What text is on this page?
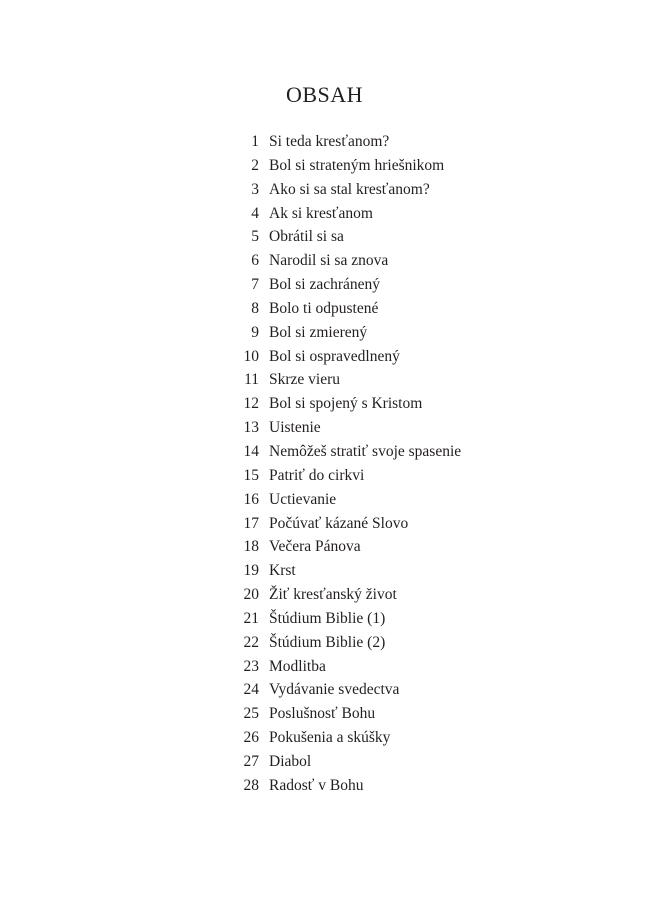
OBSAH
1 Si teda kresťanom?
2 Bol si strateným hriešnikom
3 Ako si sa stal kresťanom?
4 Ak si kresťanom
5 Obrátil si sa
6 Narodil si sa znova
7 Bol si zachránený
8 Bolo ti odpustené
9 Bol si zmierený
10 Bol si ospravedlnený
11 Skrze vieru
12 Bol si spojený s Kristom
13 Uistenie
14 Nemôžeš stratiť svoje spasenie
15 Patriť do cirkvi
16 Uctievanie
17 Počúvať kázané Slovo
18 Večera Pánova
19 Krst
20 Žiť kresťanský život
21 Štúdium Biblie (1)
22 Štúdium Biblie (2)
23 Modlitba
24 Vydávanie svedectva
25 Poslušnosť Bohu
26 Pokušenia a skúšky
27 Diabol
28 Radosť v Bohu
